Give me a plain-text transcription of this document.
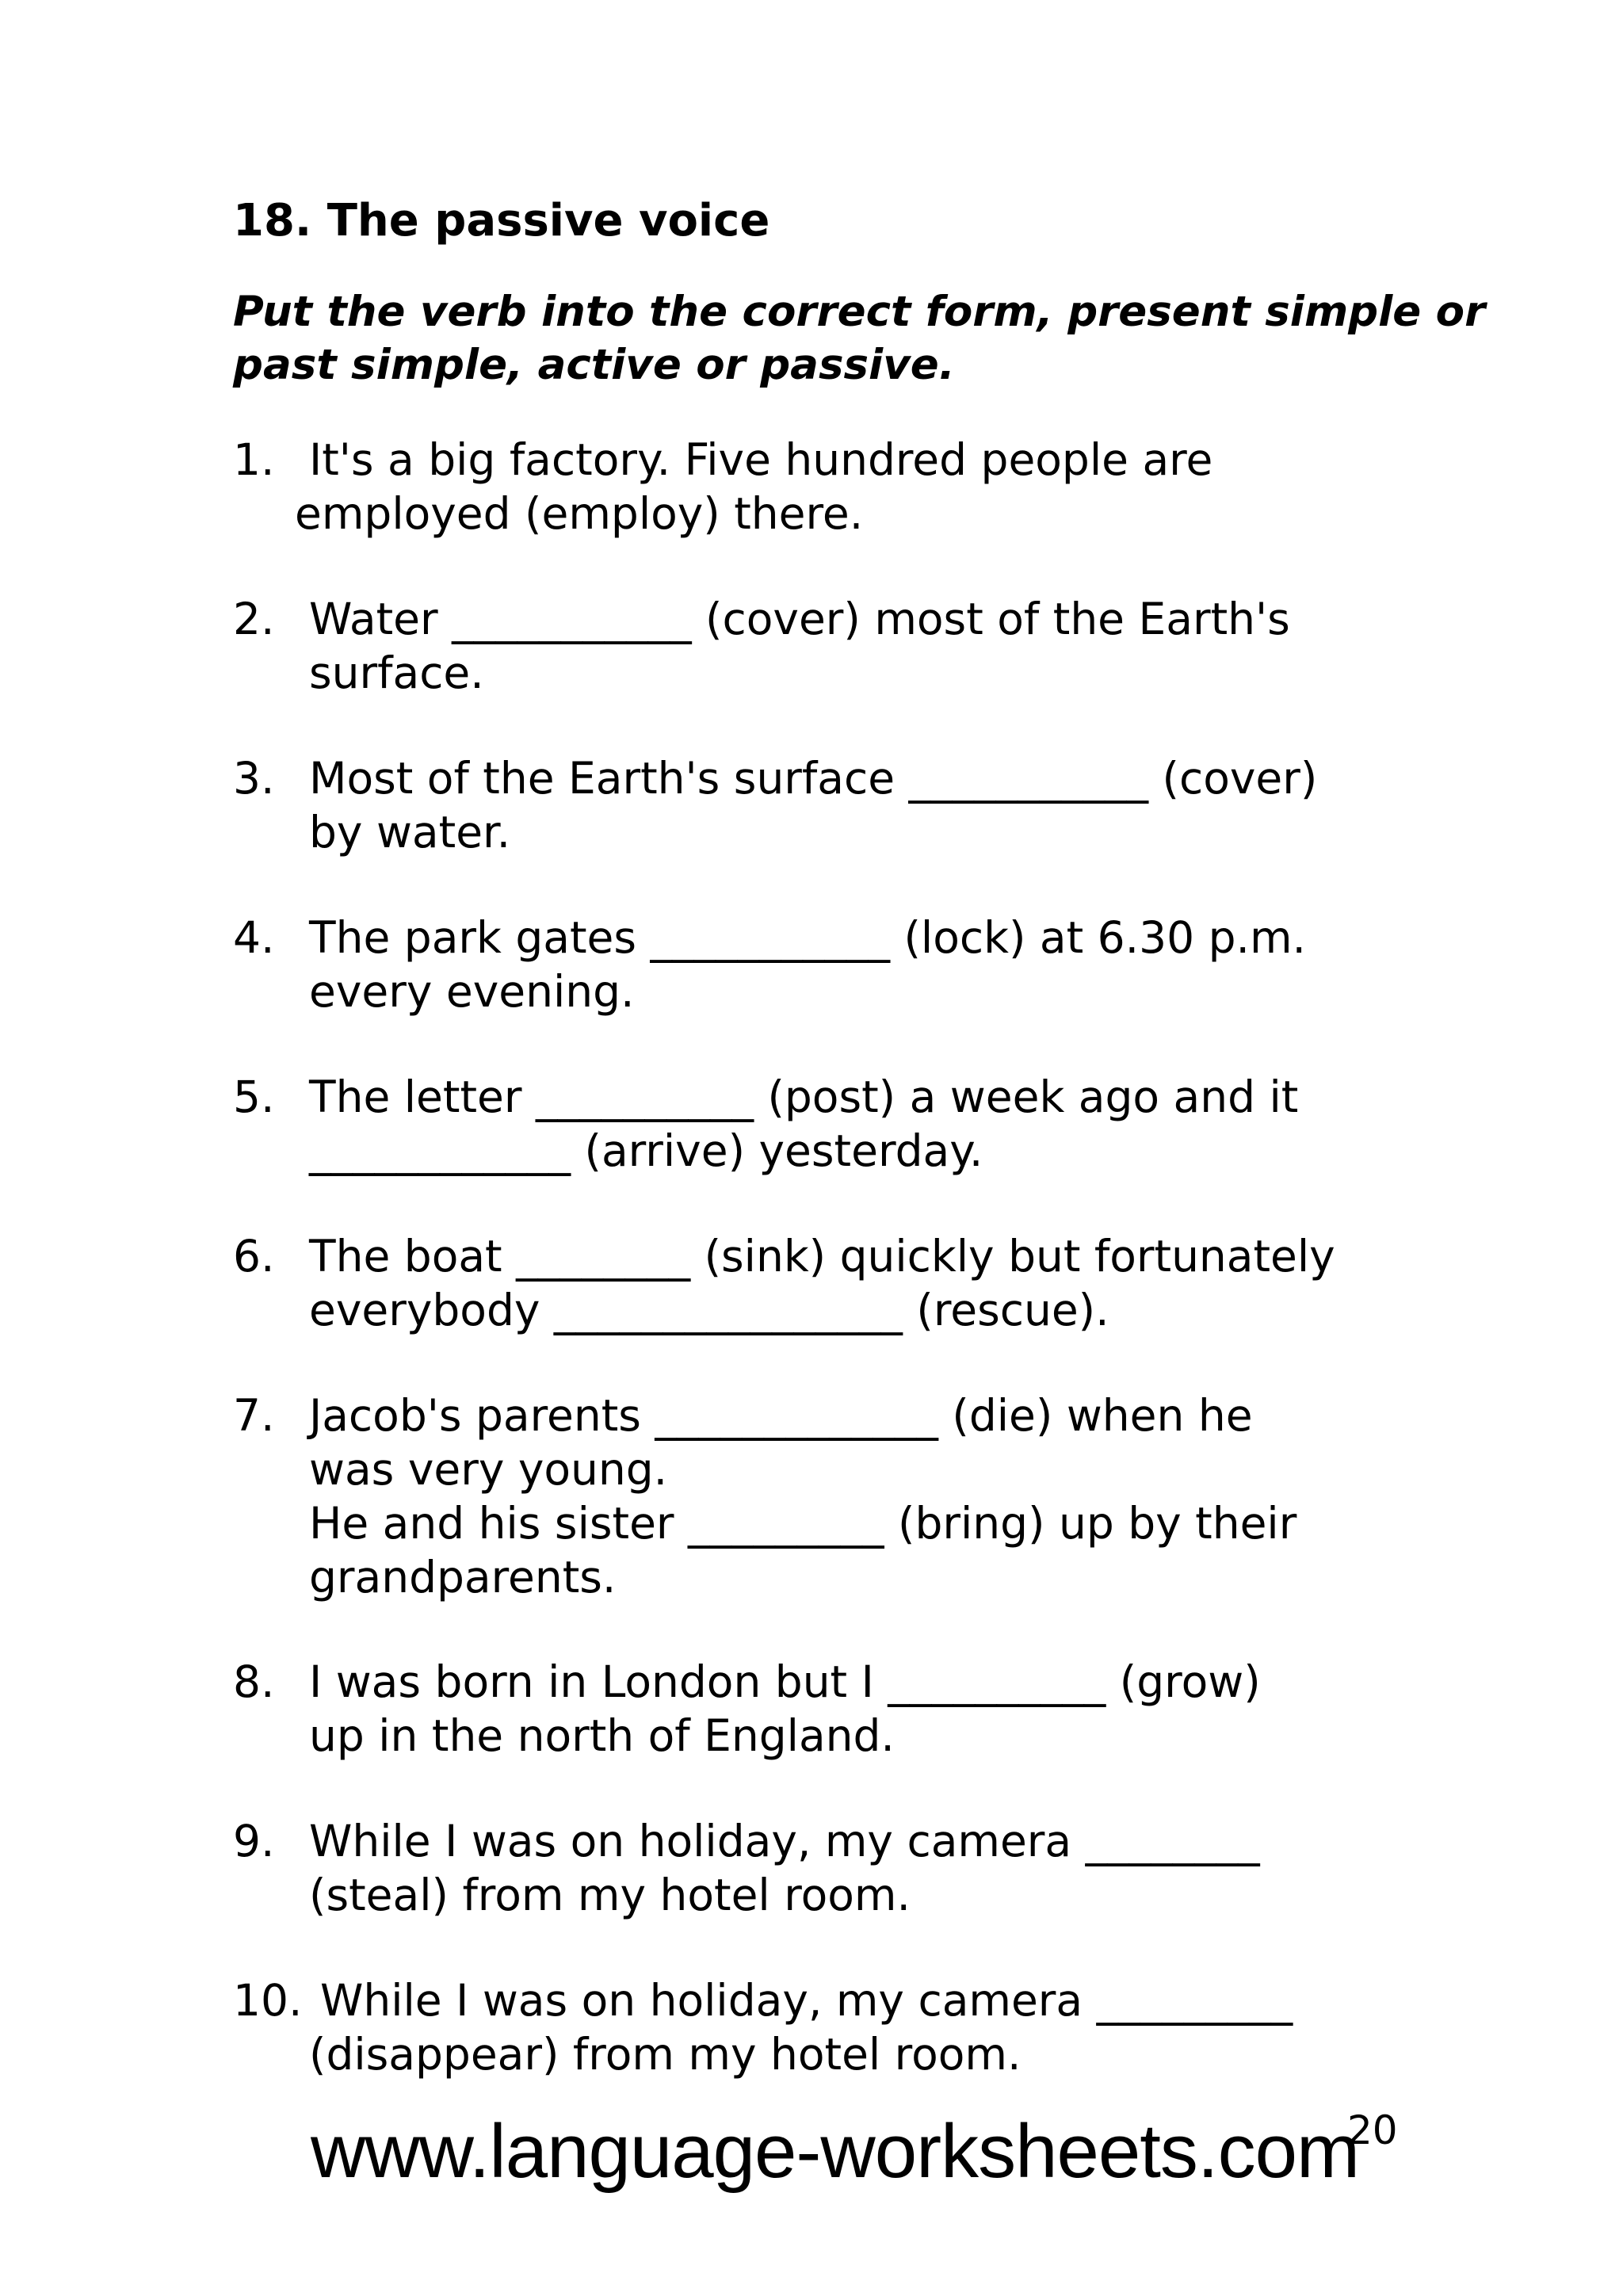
18. The passive voice
Put the verb into the correct form, present simple or
past simple, active or passive.
1. It's a big factory. Five hundred people are
employed (employ) there.
2. Water ___________ (cover) most of the Earth's
surface.
3. Most of the Earth's surface ___________ (cover)
by water.
4. The park gates ___________ (lock) at 6.30 p.m.
every evening.
5. The letter __________ (post) a week ago and it
____________ (arrive) yesterday.
6. The boat ________ (sink) quickly but fortunately
everybody ________________ (rescue).
7. Jacob's parents _____________ (die) when he
was very young.
He and his sister _________ (bring) up by their
grandparents.
8. I was born in London but I __________ (grow)
up in the north of England.
9. While I was on holiday, my camera ________
(steal) from my hotel room.
10. While I was on holiday, my camera _________
(disappear) from my hotel room.
20
www.language-worksheets.com
